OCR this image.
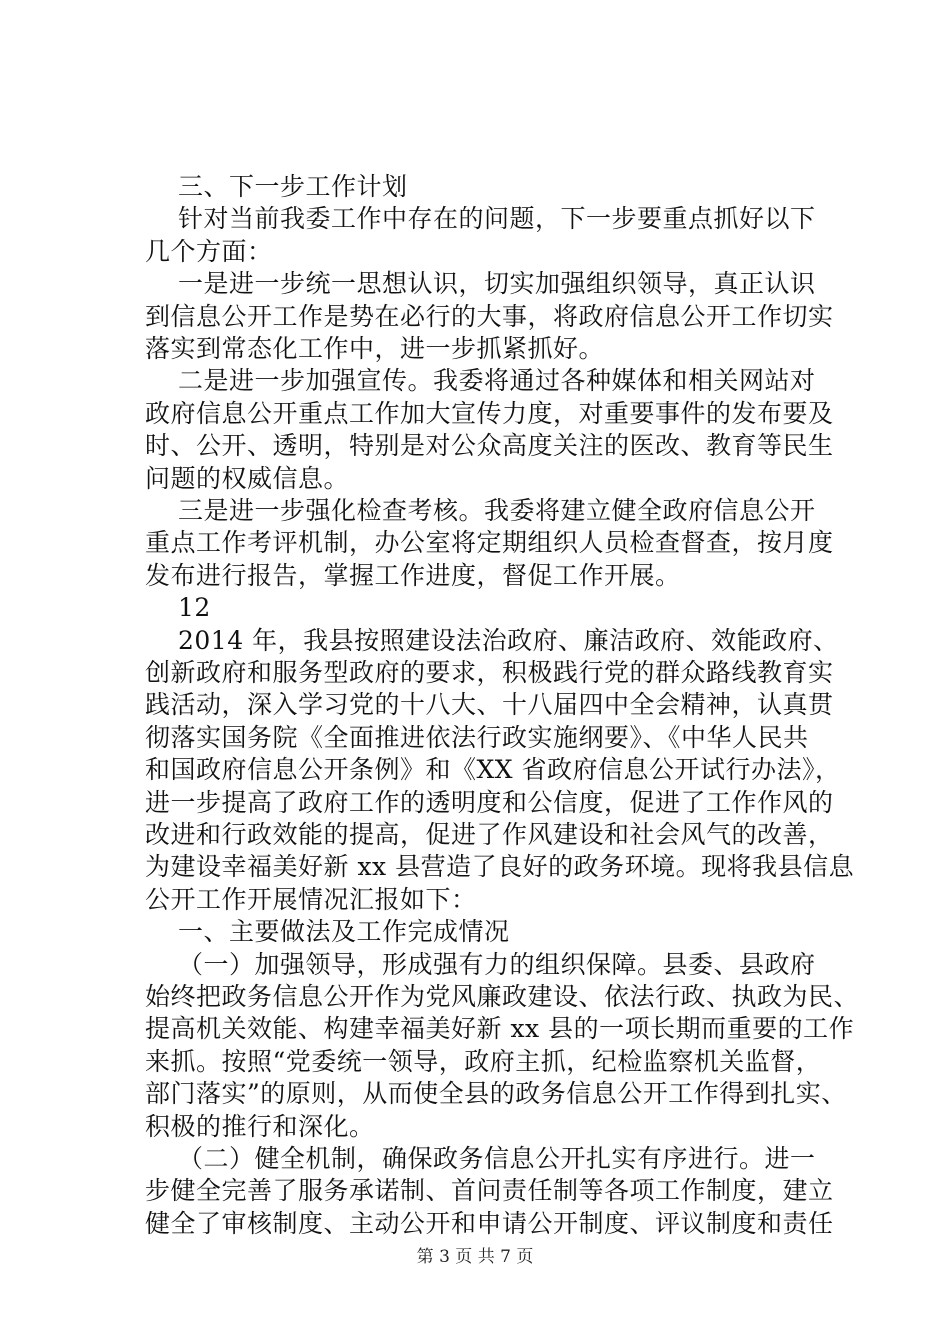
三、下一步工作计划
针对当前我委工作中存在的问题，下一步要重点抓好以下
几个方面：
一是进一步统一思想认识，切实加强组织领导，真正认识
到信息公开工作是势在必行的大事，将政府信息公开工作切实
落实到常态化工作中，进一步抓紧抓好。
二是进一步加强宣传。我委将通过各种媒体和相关网站对
政府信息公开重点工作加大宣传力度，对重要事件的发布要及
时、公开、透明，特别是对公众高度关注的医改、教育等民生
问题的权威信息。
三是进一步强化检查考核。我委将建立健全政府信息公开
重点工作考评机制，办公室将定期组织人员检查督查，按月度
发布进行报告，掌握工作进度，督促工作开展。
12
2014 年，我县按照建设法治政府、廉洁政府、效能政府、
创新政府和服务型政府的要求，积极践行党的群众路线教育实
践活动，深入学习党的十八大、十八届四中全会精神，认真贯
彻落实国务院《全面推进依法行政实施纲要》、《中华人民共
和国政府信息公开条例》和《XX 省政府信息公开试行办法》，
进一步提高了政府工作的透明度和公信度，促进了工作作风的
改进和行政效能的提高，促进了作风建设和社会风气的改善，
为建设幸福美好新 xx 县营造了良好的政务环境。现将我县信息
公开工作开展情况汇报如下：
一、主要做法及工作完成情况
（一）加强领导，形成强有力的组织保障。县委、县政府
始终把政务信息公开作为党风廉政建设、依法行政、执政为民、
提高机关效能、构建幸福美好新 xx 县的一项长期而重要的工作
来抓。按照“党委统一领导，政府主抓，纪检监察机关监督，
部门落实”的原则，从而使全县的政务信息公开工作得到扎实、
积极的推行和深化。
（二）健全机制，确保政务信息公开扎实有序进行。进一
步健全完善了服务承诺制、首问责任制等各项工作制度，建立
健全了审核制度、主动公开和申请公开制度、评议制度和责任
第 3 页 共 7 页
